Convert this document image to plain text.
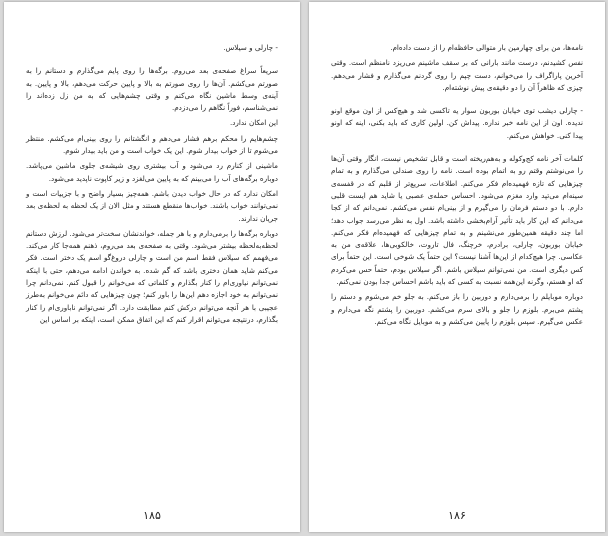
- چارلی و سیلاس.

سریعاً سراغ صفحه‌ی بعد می‌روم. برگه‌ها را روی پایم می‌گذارم و دستانم را به صورتم می‌کشم. آن‌ها را روی صورتم به بالا و پایین حرکت می‌دهم، بالا و پایین. به آینه‌ی وسط ماشین نگاه می‌کنم و وقتی چشم‌هایی که به من زل زده‌اند را نمی‌شناسم، فوراً نگاهم را می‌دزدم.

این امکان ندارد.

چشم‌هایم را محکم برهم فشار می‌دهم و انگشتانم را روی بینی‌ام می‌کشم. منتظر می‌شوم تا از خواب بیدار شوم. این یک خواب است و من باید بیدار شوم.

ماشینی از کنارم رد می‌شود و آب بیشتری روی شیشه‌ی جلوی ماشین می‌پاشد. دوباره برگه‌های آب را می‌بینم که به پایین می‌لغزد و زیر کاپوت ناپدید می‌شود.

امکان ندارد که در حال خواب دیدن باشم. همه‌چیز بسیار واضح و با جزییات است و نمی‌توانند خواب باشند. خواب‌ها منقطع هستند و مثل الان از یک لحظه به لحظه‌ی بعد جریان ندارند.

دوباره برگه‌ها را برمی‌دارم و با هر جمله، خواندنشان سخت‌تر می‌شود. لرزش دستانم لحظه‌به‌لحظه بیشتر می‌شود. وقتی به صفحه‌ی بعد می‌روم، ذهنم همه‌جا کار می‌کند. می‌فهمم که سیلاس فقط اسم من است و چارلی دروغ‌گو اسم یک دختر است. فکر می‌کنم شاید همان دختری باشد که گم شده. به خواندن ادامه می‌دهم، حتی با اینکه نمی‌توانم نیاوری‌ام را کنار بگذارم و کلماتی که می‌خوانم را قبول کنم. نمی‌دانم چرا نمی‌توانم به خود اجازه دهم این‌ها را باور کنم؛ چون چیزهایی که دائم می‌خوانم به‌طرز عجیبی با هر آنچه می‌توانم درکش کنم مطابقت دارد. اگر نمی‌توانم ناباوری‌ام را کنار بگذارم، درنتیجه می‌توانم اقرار کنم که این اتفاق ممکن است، اینکه بر اساس این

۱۸۵

نامه‌ها، من برای چهارمین بار متوالی حافظه‌ام را از دست داده‌ام.

نفس کشیدنم، درست مانند بارانی که بر سقف ماشینم می‌ریزد نامنظم است. وقتی آخرین پاراگراف را می‌خوانم، دست چپم را روی گردنم می‌گذارم و فشار می‌دهم. چیزی که ظاهراً آن را دو دقیقه‌ی پیش نوشته‌ام.

- چارلی دیشب توی خیابان بوربون سوار یه تاکسی شد و هیچ‌کس از اون موقع اونو ندیده. اون از این نامه خبر نداره. پیداش کن. اولین کاری که باید بکنی، اینه که اونو پیدا کنی. خواهش می‌کنم.

کلمات آخر نامه کج‌وکوله و به‌هم‌ریخته است و قابل تشخیص نیست، انگار وقتی آن‌ها را می‌نوشتم وقتم رو به اتمام بوده است. نامه را روی صندلی می‌گذارم و به تمام چیزهایی که تازه فهمیده‌ام فکر می‌کنم. اطلاعات، سریع‌تر از قلبم که در قفسه‌ی سینه‌ام می‌تپد وارد مغزم می‌شود. احساس حمله‌ی عصبی یا شاید هم ایست قلبی دارم. با دو دستم فرمان را می‌گیرم و از بینی‌ام نفس می‌کشم. نمی‌دانم که از کجا می‌دانم که این کار باید تأثیر آرام‌بخشی داشته باشد. اول به نظر می‌رسد جواب دهد؛ اما چند دقیقه همین‌طور می‌نشینم و به تمام چیزهایی که فهمیده‌ام فکر می‌کنم. خیابان بوربون، چارلی، برادرم، خرچنگ، فال تاروت، خالکوبی‌ها، علاقه‌ی من به عکاسی. چرا هیچ‌کدام از این‌ها آشنا نیست؟ این حتماً یک شوخی است. این حتماً برای کس دیگری است. من نمی‌توانم سیلاس باشم. اگر سیلاس بودم، حتماً حس می‌کردم که او هستم، وگرنه این‌همه نسبت به کسی که باید باشم احساس جدا بودن نمی‌کنم.

دوباره موبایلم را برمی‌دارم و دوربین را باز می‌کنم. به جلو خم می‌شوم و دستم را پشتم می‌برم. بلوزم را جلو و بالای سرم می‌کشم. دوربین را پشتم نگه می‌دارم و عکس می‌گیرم. سپس بلوزم را پایین می‌کشم و به موبایل نگاه می‌کنم.

۱۸۶
